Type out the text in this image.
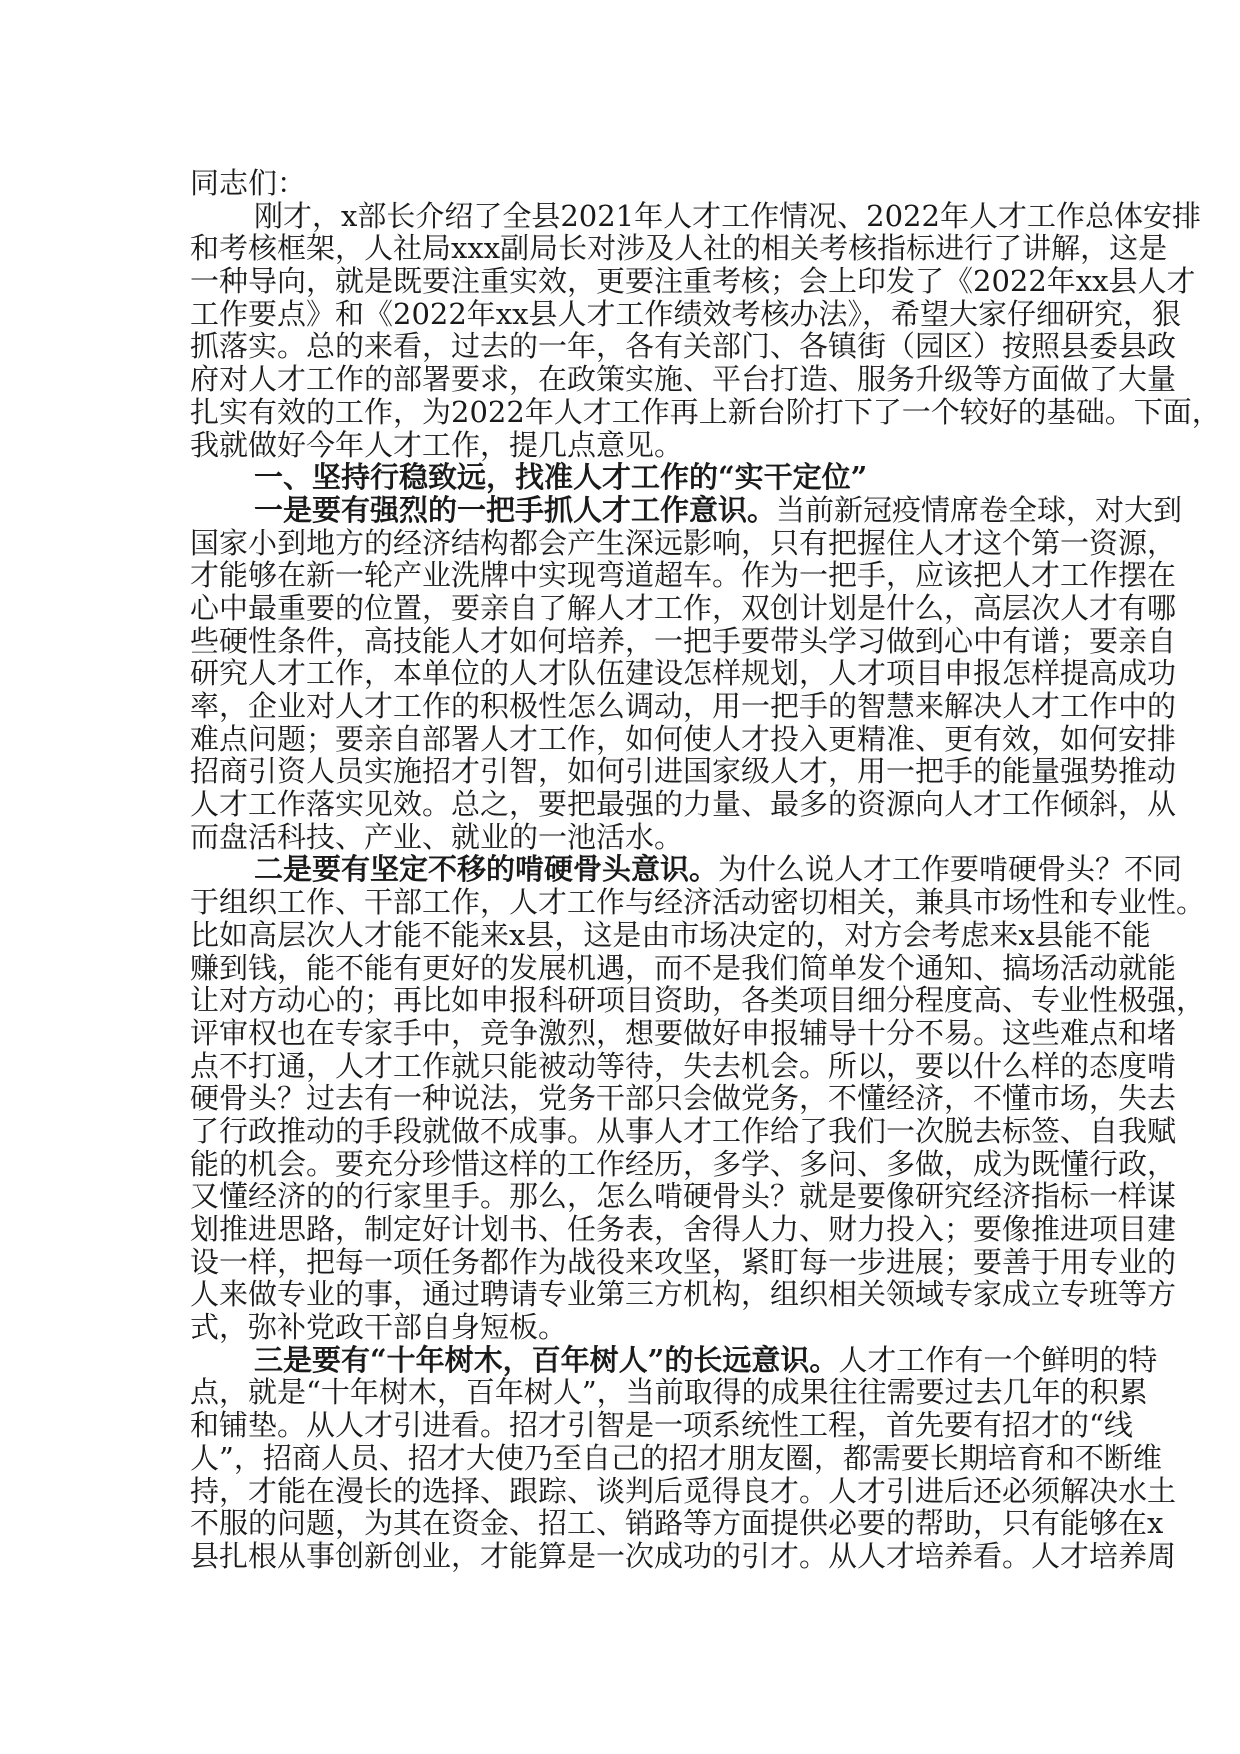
同志们：
刚才，x部长介绍了全县2021年人才工作情况、2022年人才工作总体安排
和考核框架，人社局xxx副局长对涉及人社的相关考核指标进行了讲解，这是
一种导向，就是既要注重实效，更要注重考核；会上印发了《2022年xx县人才
工作要点》和《2022年xx县人才工作绩效考核办法》，希望大家仔细研究，狠
抓落实。总的来看，过去的一年，各有关部门、各镇街（园区）按照县委县政
府对人才工作的部署要求，在政策实施、平台打造、服务升级等方面做了大量
扎实有效的工作，为2022年人才工作再上新台阶打下了一个较好的基础。下面，
我就做好今年人才工作，提几点意见。
一、坚持行稳致远，找准人才工作的“实干定位”
一是要有强烈的一把手抓人才工作意识。当前新冠疫情席卷全球，对大到
国家小到地方的经济结构都会产生深远影响，只有把握住人才这个第一资源，
才能够在新一轮产业洗牌中实现弯道超车。作为一把手，应该把人才工作摆在
心中最重要的位置，要亲自了解人才工作，双创计划是什么，高层次人才有哪
些硬性条件，高技能人才如何培养，一把手要带头学习做到心中有谱；要亲自
研究人才工作，本单位的人才队伍建设怎样规划，人才项目申报怎样提高成功
率，企业对人才工作的积极性怎么调动，用一把手的智慧来解决人才工作中的
难点问题；要亲自部署人才工作，如何使人才投入更精准、更有效，如何安排
招商引资人员实施招才引智，如何引进国家级人才，用一把手的能量强势推动
人才工作落实见效。总之，要把最强的力量、最多的资源向人才工作倾斜，从
而盘活科技、产业、就业的一池活水。
二是要有坚定不移的啃硬骨头意识。为什么说人才工作要啃硬骨头？不同
于组织工作、干部工作，人才工作与经济活动密切相关，兼具市场性和专业性。
比如高层次人才能不能来x县，这是由市场决定的，对方会考虑来x县能不能
赚到钱，能不能有更好的发展机遇，而不是我们简单发个通知、搞场活动就能
让对方动心的；再比如申报科研项目资助，各类项目细分程度高、专业性极强，
评审权也在专家手中，竞争激烈，想要做好申报辅导十分不易。这些难点和堵
点不打通，人才工作就只能被动等待，失去机会。所以，要以什么样的态度啃
硬骨头？过去有一种说法，党务干部只会做党务，不懂经济，不懂市场，失去
了行政推动的手段就做不成事。从事人才工作给了我们一次脱去标签、自我赋
能的机会。要充分珍惜这样的工作经历，多学、多问、多做，成为既懂行政，
又懂经济的的行家里手。那么，怎么啃硬骨头？就是要像研究经济指标一样谋
划推进思路，制定好计划书、任务表，舍得人力、财力投入；要像推进项目建
设一样，把每一项任务都作为战役来攻坚，紧盯每一步进展；要善于用专业的
人来做专业的事，通过聘请专业第三方机构，组织相关领域专家成立专班等方
式，弥补党政干部自身短板。
三是要有“十年树木，百年树人”的长远意识。人才工作有一个鲜明的特
点，就是“十年树木，百年树人”，当前取得的成果往往需要过去几年的积累
和铺垫。从人才引进看。招才引智是一项系统性工程，首先要有招才的“线
人”，招商人员、招才大使乃至自己的招才朋友圈，都需要长期培育和不断维
持，才能在漫长的选择、跟踪、谈判后觅得良才。人才引进后还必须解决水土
不服的问题，为其在资金、招工、销路等方面提供必要的帮助，只有能够在x
县扎根从事创新创业，才能算是一次成功的引才。从人才培养看。人才培养周
